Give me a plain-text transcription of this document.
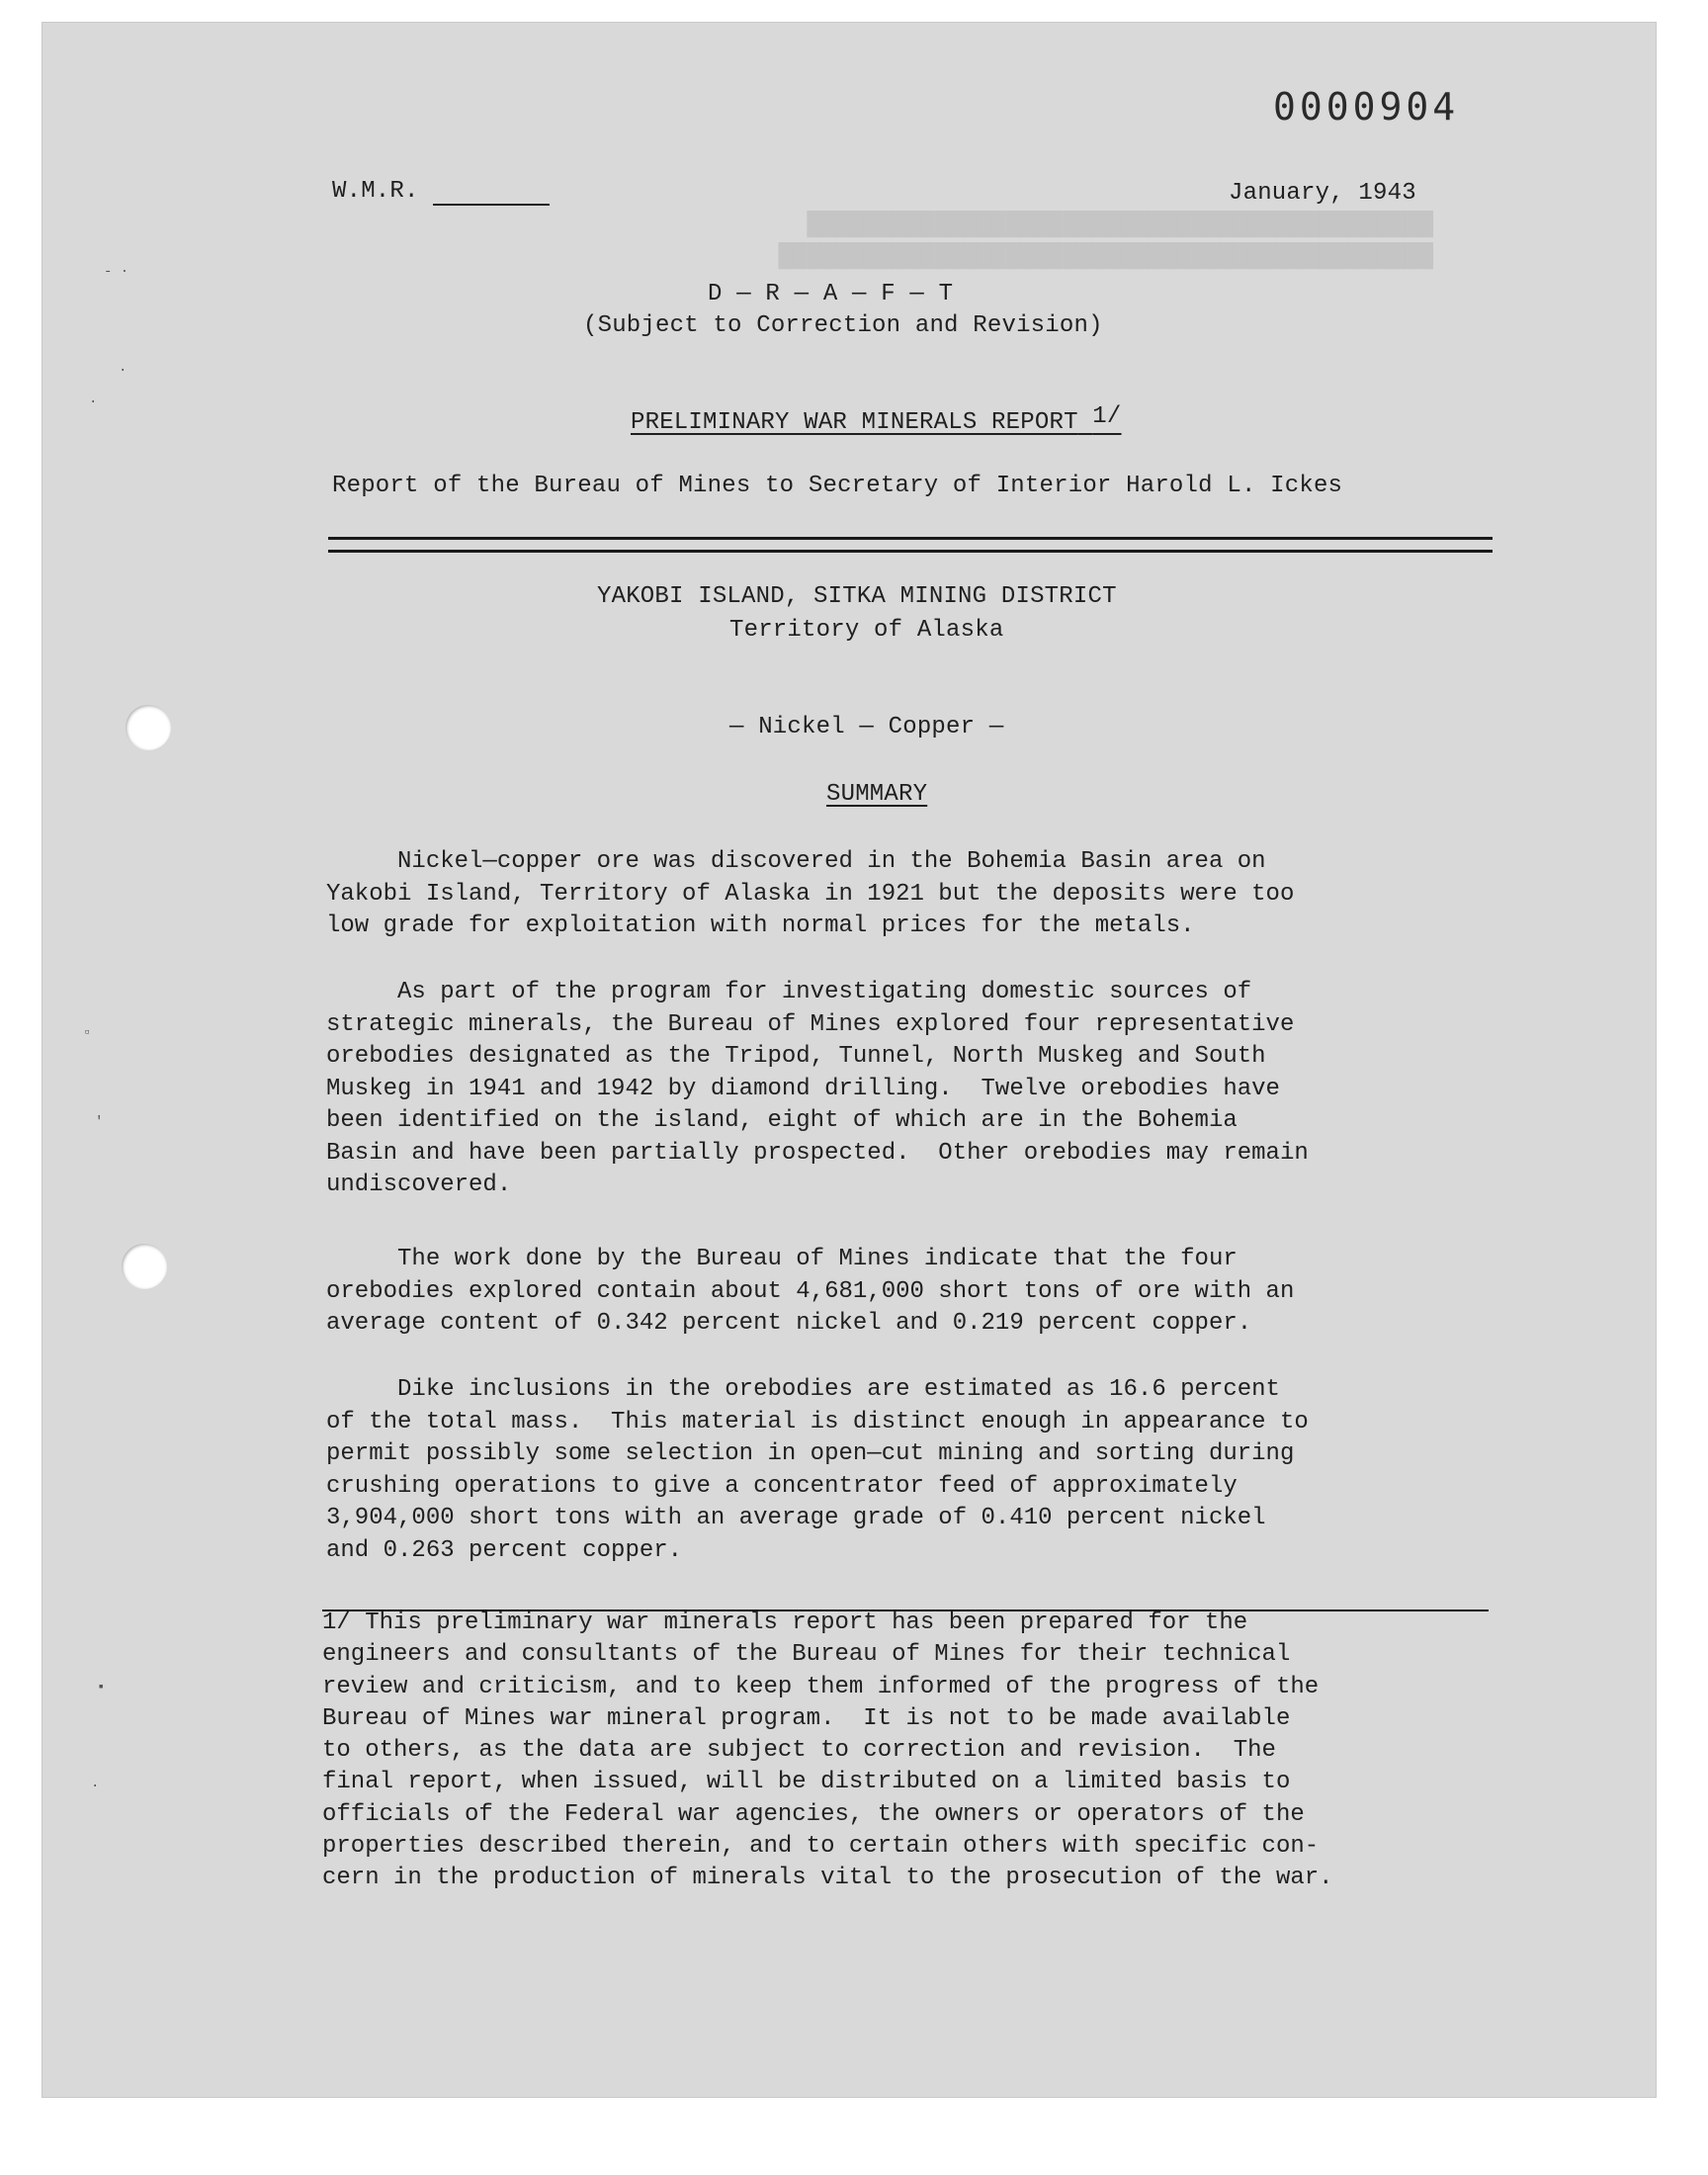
████████████████████████████████████████████
██████████████████████████████████████████████

- ·
·
·
▫
'
▪
·
0000904
W.M.R.	January, 1943
D — R — A — F — T
(Subject to Correction and Revision)
PRELIMINARY WAR MINERALS REPORT 1/
Report of the Bureau of Mines to Secretary of Interior Harold L. Ickes
YAKOBI ISLAND, SITKA MINING DISTRICT
Territory of Alaska
— Nickel — Copper —
SUMMARY
Nickel—copper ore was discovered in the Bohemia Basin area on
Yakobi Island, Territory of Alaska in 1921 but the deposits were too
low grade for exploitation with normal prices for the metals.
As part of the program for investigating domestic sources of
strategic minerals, the Bureau of Mines explored four representative
orebodies designated as the Tripod, Tunnel, North Muskeg and South
Muskeg in 1941 and 1942 by diamond drilling.  Twelve orebodies have
been identified on the island, eight of which are in the Bohemia
Basin and have been partially prospected.  Other orebodies may remain
undiscovered.
The work done by the Bureau of Mines indicate that the four
orebodies explored contain about 4,681,000 short tons of ore with an
average content of 0.342 percent nickel and 0.219 percent copper.
Dike inclusions in the orebodies are estimated as 16.6 percent
of the total mass.  This material is distinct enough in appearance to
permit possibly some selection in open—cut mining and sorting during
crushing operations to give a concentrator feed of approximately
3,904,000 short tons with an average grade of 0.410 percent nickel
and 0.263 percent copper.
1/ This preliminary war minerals report has been prepared for the
engineers and consultants of the Bureau of Mines for their technical
review and criticism, and to keep them informed of the progress of the
Bureau of Mines war mineral program.  It is not to be made available
to others, as the data are subject to correction and revision.  The
final report, when issued, will be distributed on a limited basis to
officials of the Federal war agencies, the owners or operators of the
properties described therein, and to certain others with specific con-
cern in the production of minerals vital to the prosecution of the war.
